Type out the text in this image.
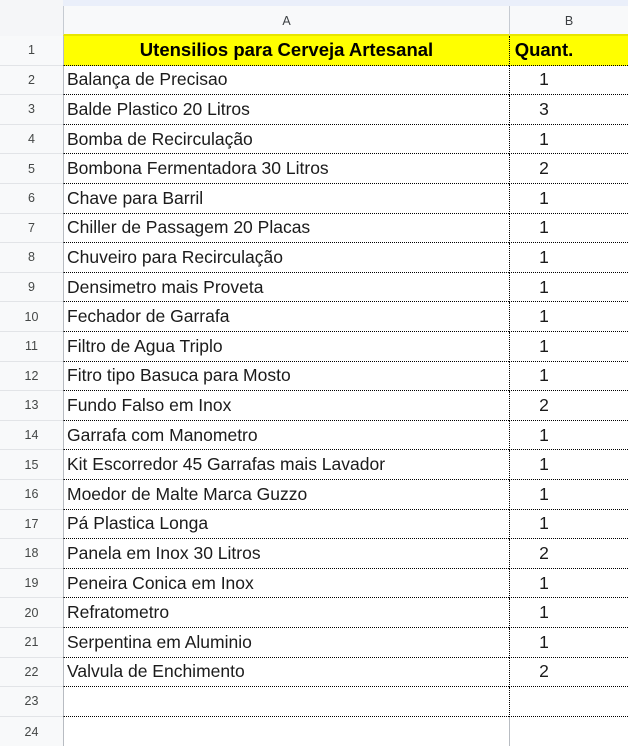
A	B
1	Utensilios para Cerveja Artesanal	Quant.
2	Balança de Precisao	1
3	Balde Plastico 20 Litros	3
4	Bomba de Recirculação	1
5	Bombona Fermentadora 30 Litros	2
6	Chave para Barril	1
7	Chiller de Passagem 20 Placas	1
8	Chuveiro para Recirculação	1
9	Densimetro mais Proveta	1
10	Fechador de Garrafa	1
11	Filtro de Agua Triplo	1
12	Fitro tipo Basuca para Mosto	1
13	Fundo Falso em Inox	2
14	Garrafa com Manometro	1
15	Kit Escorredor 45 Garrafas mais Lavador	1
16	Moedor de Malte Marca Guzzo	1
17	Pá Plastica Longa	1
18	Panela em Inox 30 Litros	2
19	Peneira Conica em Inox	1
20	Refratometro	1
21	Serpentina em Aluminio	1
22	Valvula de Enchimento	2
23
24
